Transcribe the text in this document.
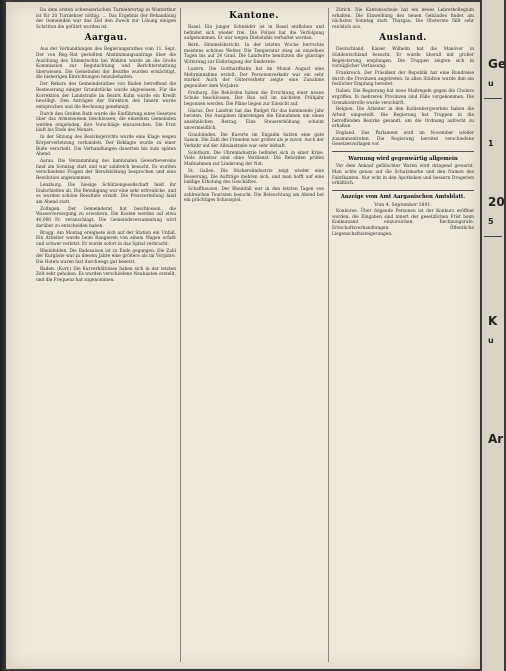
Da dem ersten schweizerischen Turnlehrertag in Winterthur ist für 20 Turnlehrer nöthig. ... Das Ergebnis der Behandlung der Gemeinden war das Ziel den Zweck zur Lösung einigen Schritten die geführt wurden ist.

Aargau.

Aus der Verhandlungen des Regierungsrathes vom 11. Sept. Der von Reg.-Rat gestellten Abstimmungsantrags über die Ausübung des Stimmrechts bei Wahlen wurde an die Große Kommission zur Begutachtung und Berichterstattung überwiesen. Die Gemeinden der Bezirke wurden ermächtigt, die bisherigen Einrichtungen beizubehalten.

Der Rekurs des Gemeinderathes von Baden betreffend die Besteuerung einiger Grundstücke wurde abgewiesen. Für die Korrektion der Landstraße im Bezirk Kulm wurde ein Kredit bewilligt. Den Anträgen der Direktion des Innern wurde entsprochen und die Rechnung genehmigt.

Durch den Großen Rath wurde die Einführung eines Gesetzes über das Armenwesen beschlossen; die einzelnen Gemeinden werden eingeladen, ihre Vorschläge einzureichen. Die Frist läuft bis Ende des Monats.

In der Sitzung des Bezirksgerichts wurde eine Klage wegen Körperverletzung verhandelt. Der Beklagte wurde zu einer Buße verurteilt. Die Verhandlungen dauerten bis zum späten Abend.

Aarau. Die Versammlung des kantonalen Gewerbevereins fand am Sonntag statt und war zahlreich besucht. Es wurden verschiedene Fragen der Berufsbildung besprochen und eine Resolution angenommen.

Lenzburg. Die hiesige Schützengesellschaft hielt ihr Endschießen ab. Die Beteiligung war eine sehr erfreuliche, und es wurden schöne Resultate erzielt. Die Preisverteilung fand am Abend statt.

Zofingen. Der Gemeinderat hat beschlossen, die Wasserversorgung zu erweitern. Die Kosten werden auf etwa 40,000 Fr. veranschlagt. Die Gemeindeversammlung wird darüber zu entscheiden haben.

Brugg. Am Montag ereignete sich auf der Station ein Unfall. Ein Arbeiter wurde beim Rangieren von einem Wagen erfaßt und schwer verletzt. Er wurde sofort in das Spital verbracht.

Rheinfelden. Die Badesaison ist zu Ende gegangen. Die Zahl der Kurgäste war in diesem Jahre eine größere als im Vorjahre. Die Hotels waren fast durchwegs gut besetzt.

Baden. (Korr.) Die Kurverhältnisse haben sich in der letzten Zeit sehr gehoben. Es wurden verschiedene Neubauten erstellt, und die Frequenz hat zugenommen.

Kantone.

Basel. Ein junger Schneider ist in Basel entflohen und befindet sich wieder frei. Die Polizei hat die Verfolgung aufgenommen. Er war wegen Diebstahls verhaftet worden.

Bern. Himmelsbericht. In der letzten Woche herrschte meistens schönes Wetter. Die Temperatur stieg an einzelnen Tagen bis auf 24 Grad. Die Landwirte benützten die günstige Witterung zur Einbringung der Emdernte.

Luzern. Die Gotthardbahn hat im Monat August eine Mehreinnahme erzielt. Der Personenverkehr war ein sehr starker. Auch der Güterverkehr zeigte eine Zunahme gegenüber dem Vorjahre.

Freiburg. Die Behörden haben die Errichtung einer neuen Schule beschlossen. Der Bau soll im nächsten Frühjahr begonnen werden. Die Pläne liegen zur Einsicht auf.

Glarus. Der Landrat hat das Budget für das kommende Jahr beraten. Die Ausgaben übersteigen die Einnahmen um einen ansehnlichen Betrag. Eine Steuererhöhung scheint unvermeidlich.

Graubünden. Die Kurorte im Engadin hatten eine gute Saison. Die Zahl der Fremden war größer als je zuvor. Auch der Verkehr auf der Albulastraße war sehr lebhaft.

Solothurn. Die Uhrenindustrie befindet sich in einer Krise. Viele Arbeiter sind ohne Verdienst. Die Behörden prüfen Maßnahmen zur Linderung der Not.

St. Gallen. Die Stickereiindustrie zeigt wieder eine Besserung. Die Aufträge mehren sich, und man hofft auf eine baldige Erholung des Geschäftes.

Schaffhausen. Der Rheinfall war in den letzten Tagen von zahlreichen Touristen besucht. Die Beleuchtung am Abend bot ein prächtiges Schauspiel.

Zürich. Die Kantonsschule hat ein neues Lehrerkollegium erhalten. Die Einweihung des neuen Gebäudes findet am nächsten Sonntag statt. Thurgau. Die Obsternte fällt sehr reichlich aus.

Ausland.

Deutschland. Kaiser Wilhelm hat die Manöver in Süddeutschland besucht. Er wurde überall mit großer Begeisterung empfangen. Die Truppen zeigten sich in vorzüglicher Verfassung.

Frankreich. Der Präsident der Republik hat eine Rundreise durch die Provinzen angetreten. In allen Städten wurde ihm ein festlicher Empfang bereitet.

Italien. Die Regierung hat neue Maßregeln gegen die Cholera ergriffen. In mehreren Provinzen sind Fälle vorgekommen. Die Grenzkontrolle wurde verschärft.

Belgien. Die Arbeiter in den Kohlenbergwerken haben die Arbeit eingestellt. Die Regierung hat Truppen in die betreffenden Bezirke gesandt, um die Ordnung aufrecht zu erhalten.

England. Das Parlament wird im November wieder zusammentreten. Die Regierung bereitet verschiedene Gesetzesvorlagen vor.

Warnung wird gegenwärtig allgemein

Vor dem Ankauf gefälschter Waren wird dringend gewarnt. Man achte genau auf die Schutzmarke und den Namen des Fabrikanten. Nur echt in den Apotheken und bessern Drogerien erhältlich.

Anzeige vom Amt Aargauischen Amtsblatt.
Vom 4. September 1891.

Konkurse. Über folgende Personen ist der Konkurs eröffnet worden; die Eingaben sind innert der gesetzlichen Frist beim Konkursamt einzureichen. Rechnungsrufe. Erbschaftsverhandlungen. Öffentliche Liegenschaftssteigerungen.

Ge
u
1
20
5
K
u
Ar
